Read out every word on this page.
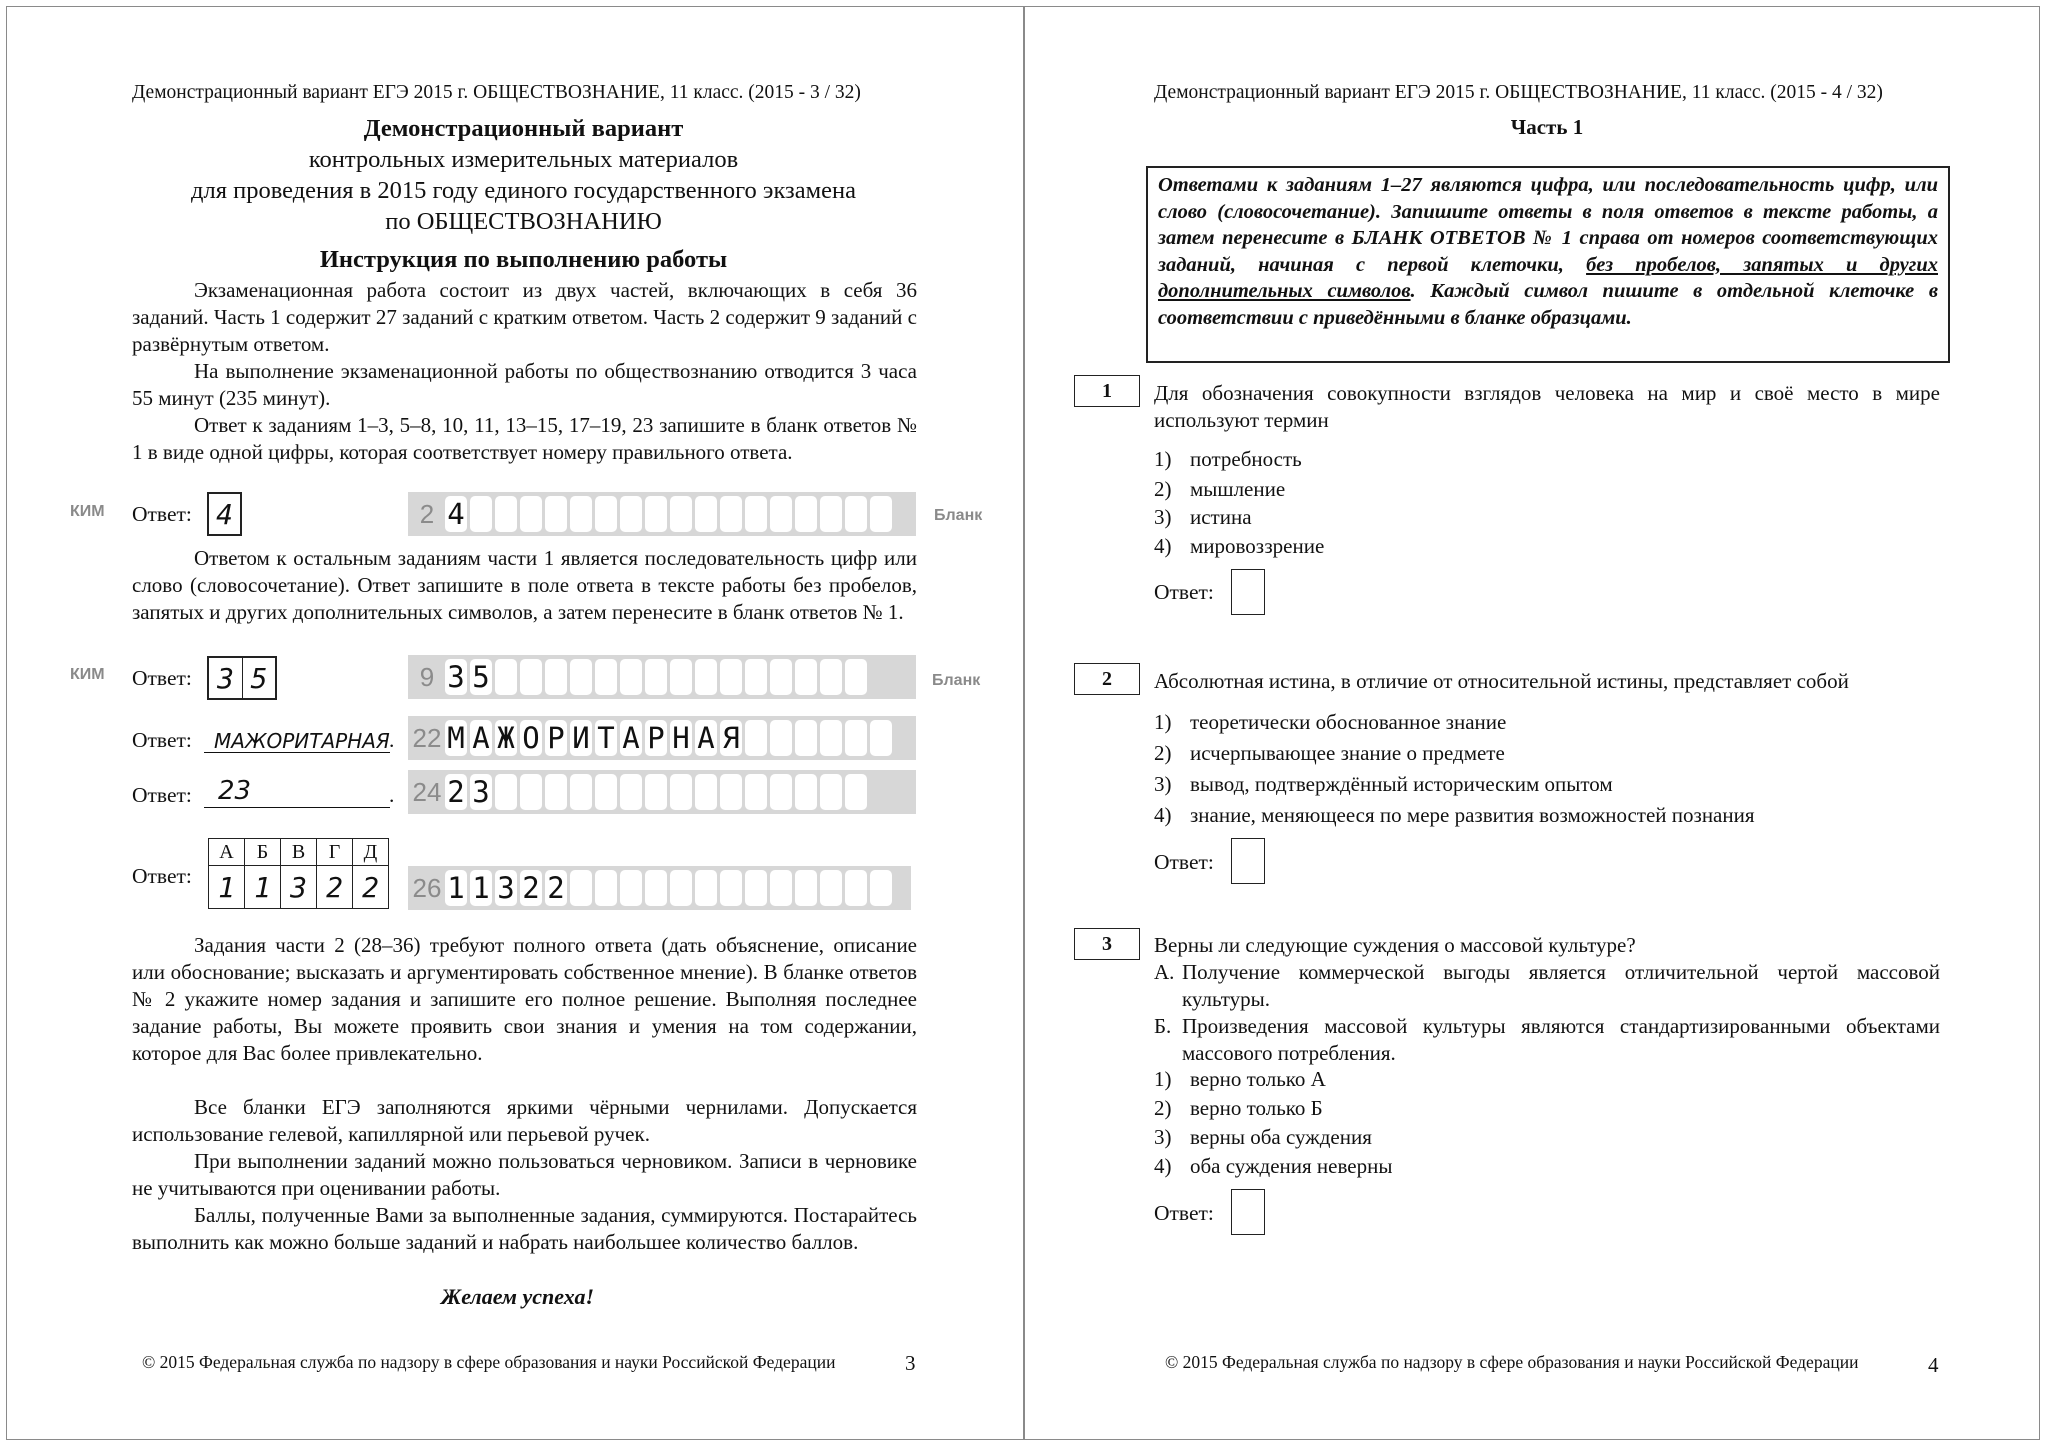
Демонстрационный вариант ЕГЭ 2015 г. ОБЩЕСТВОЗНАНИЕ, 11 класс. (2015 - 3 / 32)
Демонстрационный вариант
контрольных измерительных материалов
для проведения в 2015 году единого государственного экзамена
по ОБЩЕСТВОЗНАНИЮ
Инструкция по выполнению работы

Экзаменационная работа состоит из двух частей, включающих в себя 36 заданий. Часть 1 содержит 27 заданий с кратким ответом. Часть 2 содержит 9 заданий с развёрнутым ответом.

На выполнение экзаменационной работы по обществознанию отводится 3 часа 55 минут (235 минут).

Ответ к заданиям 1–3, 5–8, 10, 11, 13–15, 17–19, 23 запишите в бланк ответов № 1 в виде одной цифры, которая соответствует номеру правильного ответа.

КИМ Ответ: 4	2 4	Бланк

Ответом к остальным заданиям части 1 является последовательность цифр или слово (словосочетание). Ответ запишите в поле ответа в тексте работы без пробелов, запятых и других дополнительных символов, а затем перенесите в бланк ответов № 1.

КИМ Ответ: 3 5	9 3 5	Бланк
Ответ: МАЖОРИТАРНАЯ . 22 М А Ж О Р И Т А Р Н А Я
Ответ: 23	. 24 2 3
Ответ:
А	Б	В	Г	Д
1	1	3	2	2 26 1 1 3 2 2

Задания части 2 (28–36) требуют полного ответа (дать объяснение, описание или обоснование; высказать и аргументировать собственное мнение). В бланке ответов № 2 укажите номер задания и запишите его полное решение. Выполняя последнее задание работы, Вы можете проявить свои знания и умения на том содержании, которое для Вас более привлекательно.

Все бланки ЕГЭ заполняются яркими чёрными чернилами. Допускается использование гелевой, капиллярной или перьевой ручек.

При выполнении заданий можно пользоваться черновиком. Записи в черновике не учитываются при оценивании работы.

Баллы, полученные Вами за выполненные задания, суммируются. Постарайтесь выполнить как можно больше заданий и набрать наибольшее количество баллов.

Желаем успеха!
© 2015 Федеральная служба по надзору в сфере образования и науки Российской Федерации	3
Демонстрационный вариант ЕГЭ 2015 г. ОБЩЕСТВОЗНАНИЕ, 11 класс. (2015 - 4 / 32)
Часть 1
Ответами к заданиям 1–27 являются цифра, или последовательность цифр, или слово (словосочетание). Запишите ответы в поля ответов в тексте работы, а затем перенесите в БЛАНК ОТВЕТОВ № 1 справа от номеров соответствующих заданий, начиная с первой клеточки, без пробелов, запятых и других дополнительных символов. Каждый символ пишите в отдельной клеточке в соответствии с приведёнными в бланке образцами.
1	Для обозначения совокупности взглядов человека на мир и своё место в мире используют термин
1) потребность
2) мышление
3) истина
4) мировоззрение
Ответ:
2	Абсолютная истина, в отличие от относительной истины, представляет собой
1) теоретически обоснованное знание
2) исчерпывающее знание о предмете
3) вывод, подтверждённый историческим опытом
4) знание, меняющееся по мере развития возможностей познания
Ответ:
3	Верны ли следующие суждения о массовой культуре?
А. Получение коммерческой выгоды является отличительной чертой массовой культуры.
Б. Произведения массовой культуры являются стандартизированными объектами массового потребления.
1) верно только А
2) верно только Б
3) верны оба суждения
4) оба суждения неверны
Ответ:
© 2015 Федеральная служба по надзору в сфере образования и науки Российской Федерации	4
